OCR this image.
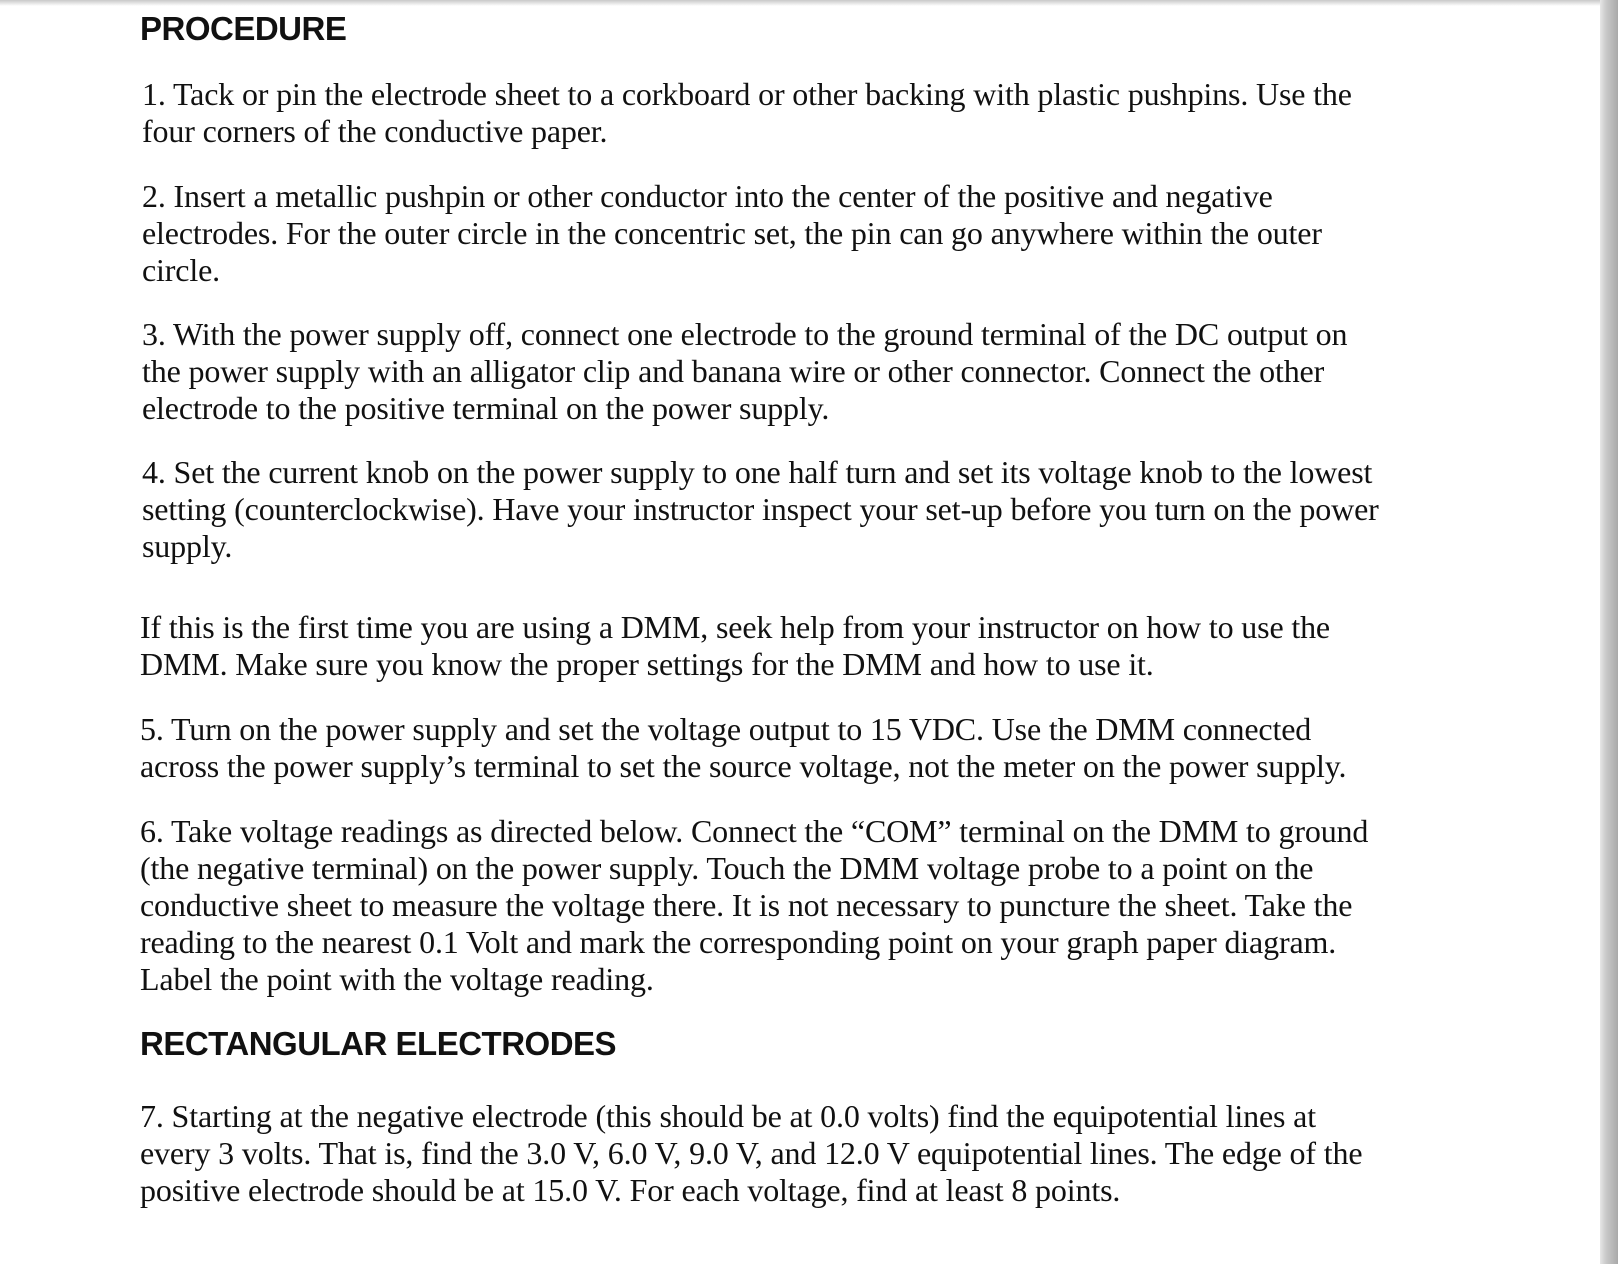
PROCEDURE

1. Tack or pin the electrode sheet to a corkboard or other backing with plastic pushpins. Use the four corners of the conductive paper.

2. Insert a metallic pushpin or other conductor into the center of the positive and negative electrodes. For the outer circle in the concentric set, the pin can go anywhere within the outer circle.

3. With the power supply off, connect one electrode to the ground terminal of the DC output on the power supply with an alligator clip and banana wire or other connector. Connect the other electrode to the positive terminal on the power supply.

4. Set the current knob on the power supply to one half turn and set its voltage knob to the lowest setting (counterclockwise). Have your instructor inspect your set-up before you turn on the power supply.

If this is the first time you are using a DMM, seek help from your instructor on how to use the DMM. Make sure you know the proper settings for the DMM and how to use it.

5. Turn on the power supply and set the voltage output to 15 VDC. Use the DMM connected across the power supply’s terminal to set the source voltage, not the meter on the power supply.

6. Take voltage readings as directed below. Connect the “COM” terminal on the DMM to ground (the negative terminal) on the power supply. Touch the DMM voltage probe to a point on the conductive sheet to measure the voltage there. It is not necessary to puncture the sheet. Take the reading to the nearest 0.1 Volt and mark the corresponding point on your graph paper diagram. Label the point with the voltage reading.

RECTANGULAR ELECTRODES

7. Starting at the negative electrode (this should be at 0.0 volts) find the equipotential lines at every 3 volts. That is, find the 3.0 V, 6.0 V, 9.0 V, and 12.0 V equipotential lines. The edge of the positive electrode should be at 15.0 V. For each voltage, find at least 8 points.
